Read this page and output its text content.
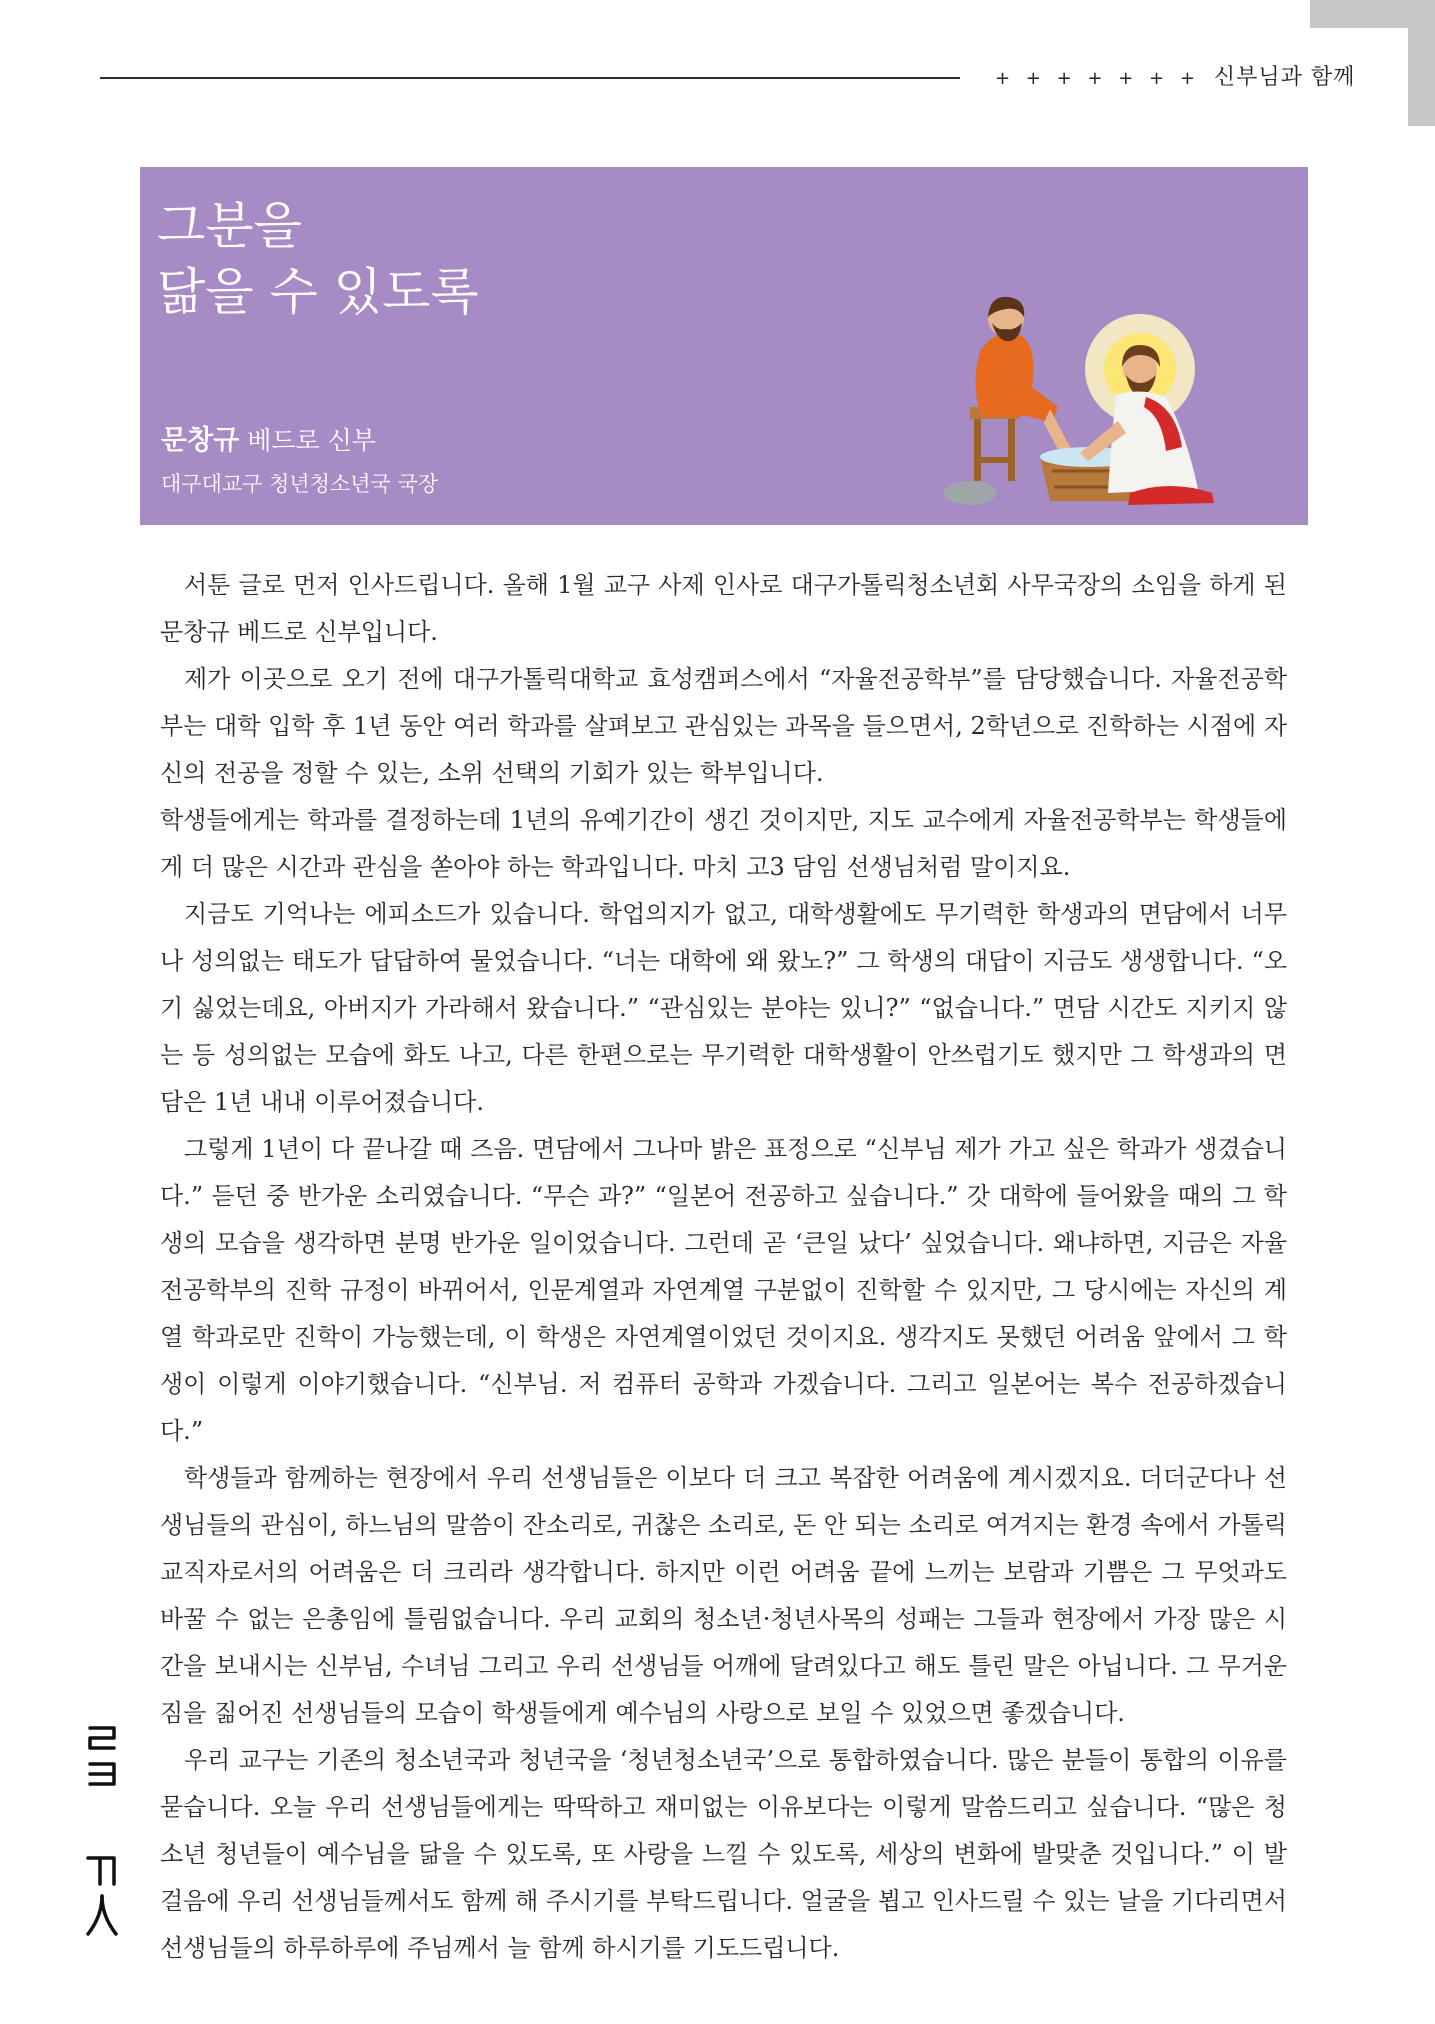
+ + + + + + + 신부님과 함께
그분을
닮을 수 있도록
문창규 베드로 신부
대구대교구 청년청소년국 국장

서툰 글로 먼저 인사드립니다. 올해 1월 교구 사제 인사로 대구가톨릭청소년회 사무국장의 소임을 하게 된 문창규 베드로 신부입니다.

제가 이곳으로 오기 전에 대구가톨릭대학교 효성캠퍼스에서 “자율전공학부”를 담당했습니다. 자율전공학부는 대학 입학 후 1년 동안 여러 학과를 살펴보고 관심있는 과목을 들으면서, 2학년으로 진학하는 시점에 자신의 전공을 정할 수 있는, 소위 선택의 기회가 있는 학부입니다.

학생들에게는 학과를 결정하는데 1년의 유예기간이 생긴 것이지만, 지도 교수에게 자율전공학부는 학생들에게 더 많은 시간과 관심을 쏟아야 하는 학과입니다. 마치 고3 담임 선생님처럼 말이지요.

지금도 기억나는 에피소드가 있습니다. 학업의지가 없고, 대학생활에도 무기력한 학생과의 면담에서 너무나 성의없는 태도가 답답하여 물었습니다. “너는 대학에 왜 왔노?” 그 학생의 대답이 지금도 생생합니다. “오기 싫었는데요, 아버지가 가라해서 왔습니다.” “관심있는 분야는 있니?” “없습니다.” 면담 시간도 지키지 않는 등 성의없는 모습에 화도 나고, 다른 한편으로는 무기력한 대학생활이 안쓰럽기도 했지만 그 학생과의 면담은 1년 내내 이루어졌습니다.

그렇게 1년이 다 끝나갈 때 즈음. 면담에서 그나마 밝은 표정으로 “신부님 제가 가고 싶은 학과가 생겼습니다.” 듣던 중 반가운 소리였습니다. “무슨 과?” “일본어 전공하고 싶습니다.” 갓 대학에 들어왔을 때의 그 학생의 모습을 생각하면 분명 반가운 일이었습니다. 그런데 곧 ‘큰일 났다’ 싶었습니다. 왜냐하면, 지금은 자율전공학부의 진학 규정이 바뀌어서, 인문계열과 자연계열 구분없이 진학할 수 있지만, 그 당시에는 자신의 계열 학과로만 진학이 가능했는데, 이 학생은 자연계열이었던 것이지요. 생각지도 못했던 어려움 앞에서 그 학생이 이렇게 이야기했습니다. “신부님. 저 컴퓨터 공학과 가겠습니다. 그리고 일본어는 복수 전공하겠습니다.”

학생들과 함께하는 현장에서 우리 선생님들은 이보다 더 크고 복잡한 어려움에 계시겠지요. 더더군다나 선생님들의 관심이, 하느님의 말씀이 잔소리로, 귀찮은 소리로, 돈 안 되는 소리로 여겨지는 환경 속에서 가톨릭 교직자로서의 어려움은 더 크리라 생각합니다. 하지만 이런 어려움 끝에 느끼는 보람과 기쁨은 그 무엇과도 바꿀 수 없는 은총임에 틀림없습니다. 우리 교회의 청소년·청년사목의 성패는 그들과 현장에서 가장 많은 시간을 보내시는 신부님, 수녀님 그리고 우리 선생님들 어깨에 달려있다고 해도 틀린 말은 아닙니다. 그 무거운 짐을 짊어진 선생님들의 모습이 학생들에게 예수님의 사랑으로 보일 수 있었으면 좋겠습니다.

우리 교구는 기존의 청소년국과 청년국을 ‘청년청소년국’으로 통합하였습니다. 많은 분들이 통합의 이유를 묻습니다. 오늘 우리 선생님들에게는 딱딱하고 재미없는 이유보다는 이렇게 말씀드리고 싶습니다. “많은 청소년 청년들이 예수님을 닮을 수 있도록, 또 사랑을 느낄 수 있도록, 세상의 변화에 발맞춘 것입니다.” 이 발걸음에 우리 선생님들께서도 함께 해 주시기를 부탁드립니다. 얼굴을 뵙고 인사드릴 수 있는 날을 기다리면서 선생님들의 하루하루에 주님께서 늘 함께 하시기를 기도드립니다.
